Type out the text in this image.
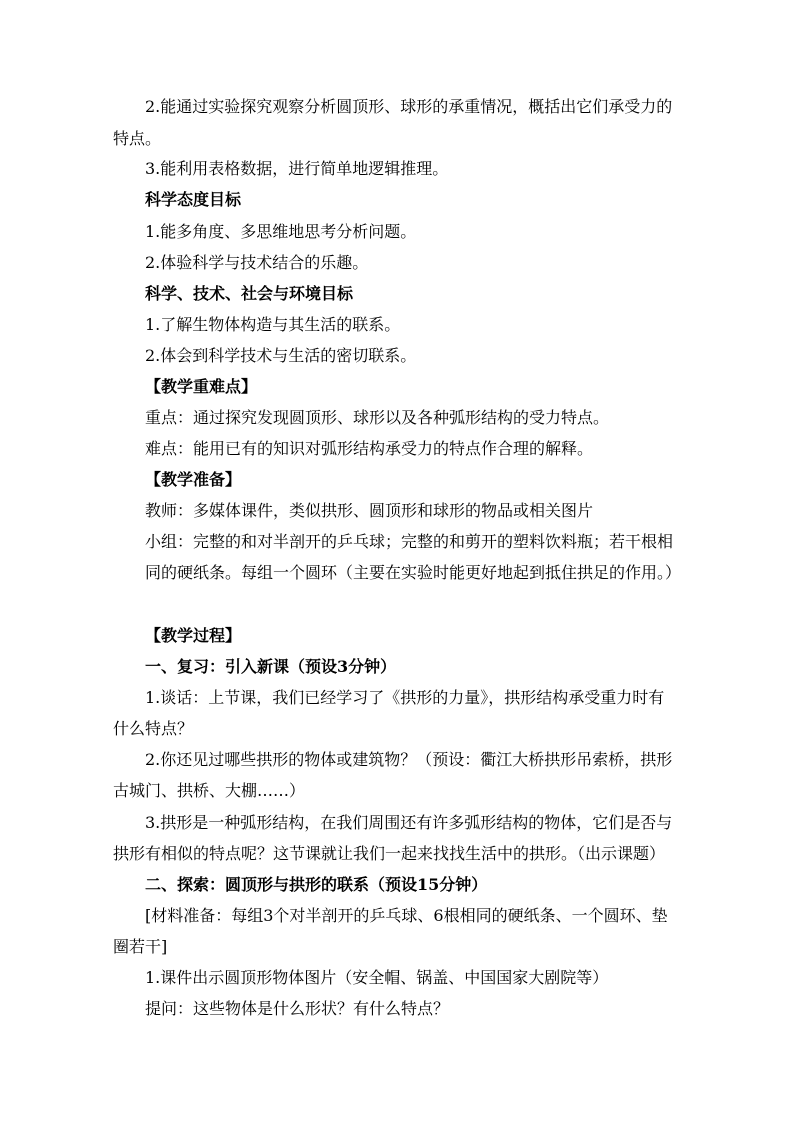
2.能通过实验探究观察分析圆顶形、球形的承重情况，概括出它们承受力的
特点。
3.能利用表格数据，进行简单地逻辑推理。
科学态度目标
1.能多角度、多思维地思考分析问题。
2.体验科学与技术结合的乐趣。
科学、技术、社会与环境目标
1.了解生物体构造与其生活的联系。
2.体会到科学技术与生活的密切联系。
【教学重难点】
重点：通过探究发现圆顶形、球形以及各种弧形结构的受力特点。
难点：能用已有的知识对弧形结构承受力的特点作合理的解释。
【教学准备】
教师：多媒体课件，类似拱形、圆顶形和球形的物品或相关图片
小组：完整的和对半剖开的乒乓球；完整的和剪开的塑料饮料瓶；若干根相
同的硬纸条。每组一个圆环（主要在实验时能更好地起到抵住拱足的作用。）
【教学过程】
一、复习：引入新课（预设3分钟）
1.谈话：上节课，我们已经学习了《拱形的力量》，拱形结构承受重力时有
什么特点？
2.你还见过哪些拱形的物体或建筑物？（预设：衢江大桥拱形吊索桥，拱形
古城门、拱桥、大棚……）
3.拱形是一种弧形结构，在我们周围还有许多弧形结构的物体，它们是否与
拱形有相似的特点呢？这节课就让我们一起来找找生活中的拱形。（出示课题）
二、探索：圆顶形与拱形的联系（预设15分钟）
[材料准备：每组3个对半剖开的乒乓球、6根相同的硬纸条、一个圆环、垫
圈若干]
1.课件出示圆顶形物体图片（安全帽、锅盖、中国国家大剧院等）
提问：这些物体是什么形状？有什么特点？
